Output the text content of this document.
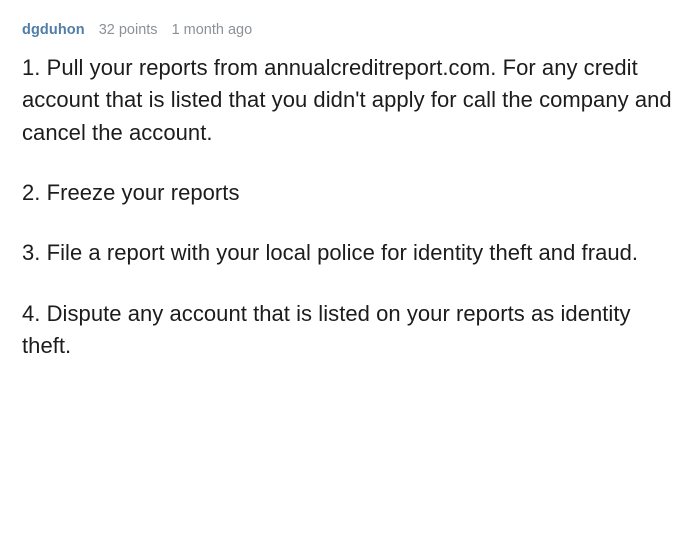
dgduhon 32 points 1 month ago

1. Pull your reports from annualcreditreport.com. For any credit account that is listed that you didn't apply for call the company and cancel the account.

2. Freeze your reports

3. File a report with your local police for identity theft and fraud.

4. Dispute any account that is listed on your reports as identity theft.
